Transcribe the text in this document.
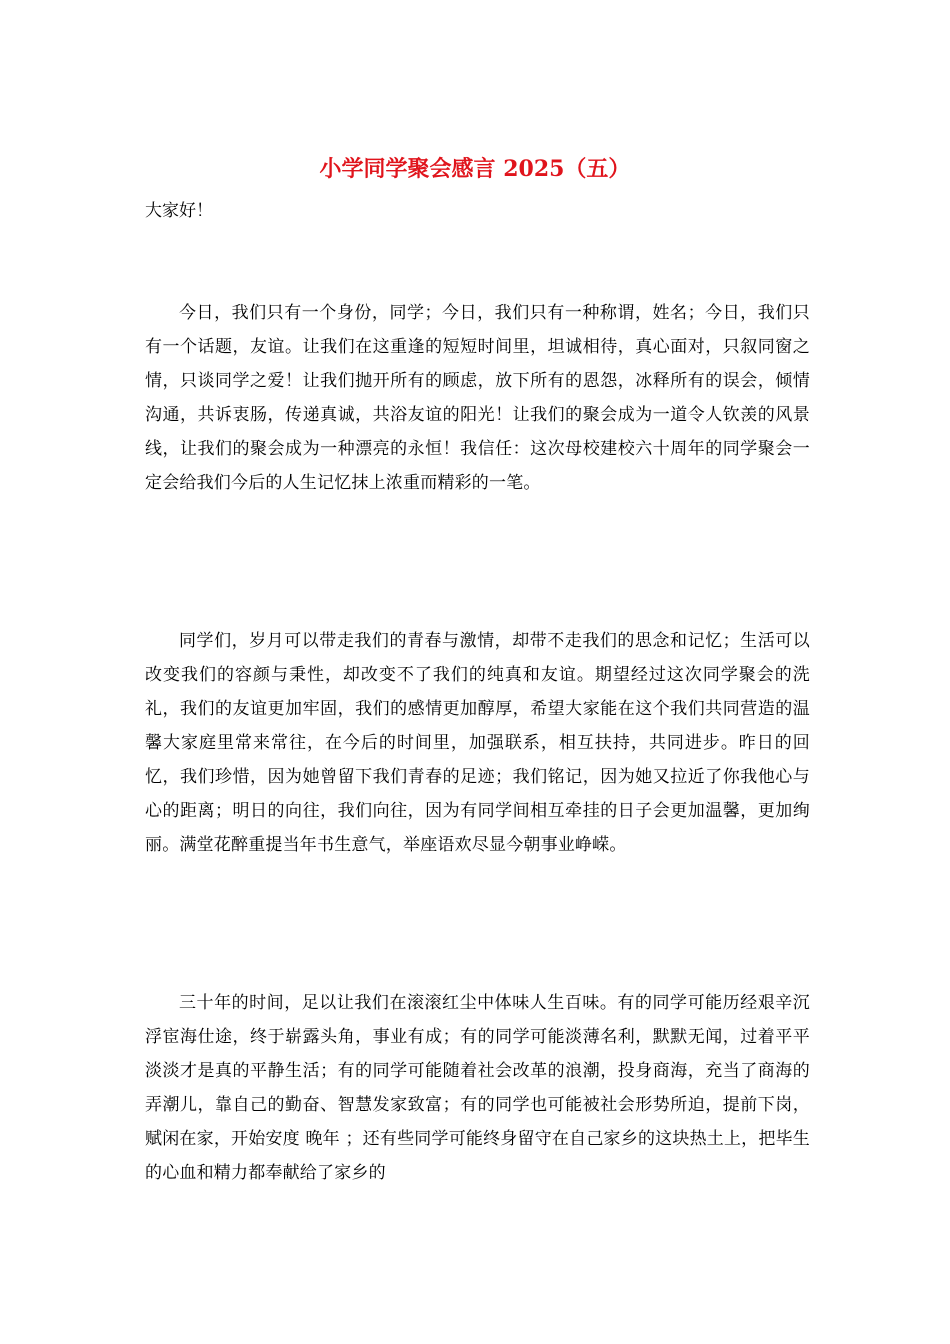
小学同学聚会感言 2025（五）

大家好！

今日，我们只有一个身份，同学；今日，我们只有一种称谓，姓名；今日，我们只有一个话题，友谊。让我们在这重逢的短短时间里，坦诚相待，真心面对，只叙同窗之情，只谈同学之爱！让我们抛开所有的顾虑，放下所有的恩怨，冰释所有的误会，倾情沟通，共诉衷肠，传递真诚，共浴友谊的阳光！让我们的聚会成为一道令人钦羡的风景线，让我们的聚会成为一种漂亮的永恒！我信任：这次母校建校六十周年的同学聚会一定会给我们今后的人生记忆抹上浓重而精彩的一笔。

同学们，岁月可以带走我们的青春与激情，却带不走我们的思念和记忆；生活可以改变我们的容颜与秉性，却改变不了我们的纯真和友谊。期望经过这次同学聚会的洗礼，我们的友谊更加牢固，我们的感情更加醇厚，希望大家能在这个我们共同营造的温馨大家庭里常来常往，在今后的时间里，加强联系，相互扶持，共同进步。昨日的回忆，我们珍惜，因为她曾留下我们青春的足迹；我们铭记，因为她又拉近了你我他心与心的距离；明日的向往，我们向往，因为有同学间相互牵挂的日子会更加温馨，更加绚丽。满堂花醉重提当年书生意气，举座语欢尽显今朝事业峥嵘。

三十年的时间，足以让我们在滚滚红尘中体味人生百味。有的同学可能历经艰辛沉浮宦海仕途，终于崭露头角，事业有成；有的同学可能淡薄名利，默默无闻，过着平平淡淡才是真的平静生活；有的同学可能随着社会改革的浪潮，投身商海，充当了商海的弄潮儿，靠自己的勤奋、智慧发家致富；有的同学也可能被社会形势所迫，提前下岗，赋闲在家，开始安度 晚年 ；还有些同学可能终身留守在自己家乡的这块热土上，把毕生的心血和精力都奉献给了家乡的
